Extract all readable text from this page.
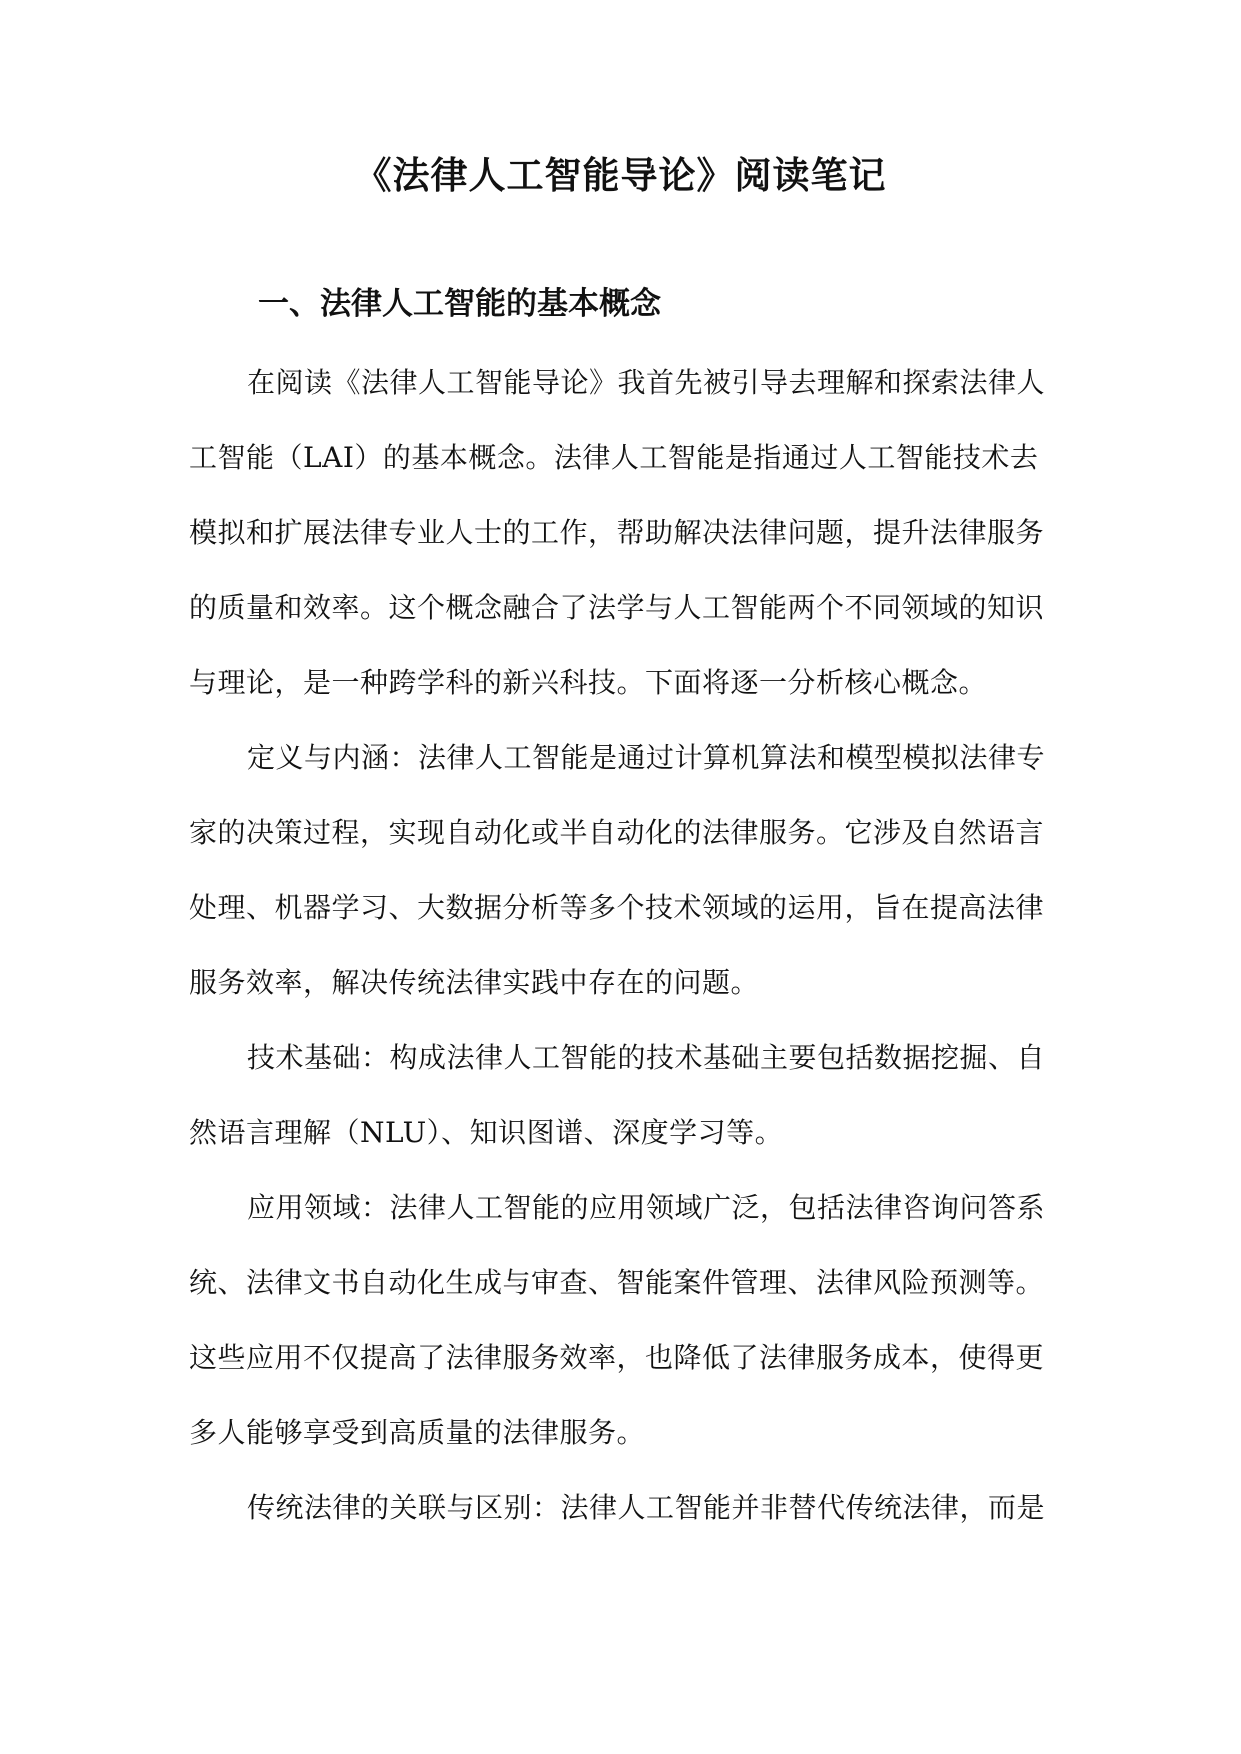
《法律人工智能导论》阅读笔记
一、法律人工智能的基本概念

在阅读《法律人工智能导论》我首先被引导去理解和探索法律人

工智能（LAI）的基本概念。法律人工智能是指通过人工智能技术去

模拟和扩展法律专业人士的工作，帮助解决法律问题，提升法律服务

的质量和效率。这个概念融合了法学与人工智能两个不同领域的知识

与理论，是一种跨学科的新兴科技。下面将逐一分析核心概念。

定义与内涵：法律人工智能是通过计算机算法和模型模拟法律专

家的决策过程，实现自动化或半自动化的法律服务。它涉及自然语言

处理、机器学习、大数据分析等多个技术领域的运用，旨在提高法律

服务效率，解决传统法律实践中存在的问题。

技术基础：构成法律人工智能的技术基础主要包括数据挖掘、自

然语言理解（NLU）、知识图谱、深度学习等。

应用领域：法律人工智能的应用领域广泛，包括法律咨询问答系

统、法律文书自动化生成与审查、智能案件管理、法律风险预测等。

这些应用不仅提高了法律服务效率，也降低了法律服务成本，使得更

多人能够享受到高质量的法律服务。

传统法律的关联与区别：法律人工智能并非替代传统法律，而是
